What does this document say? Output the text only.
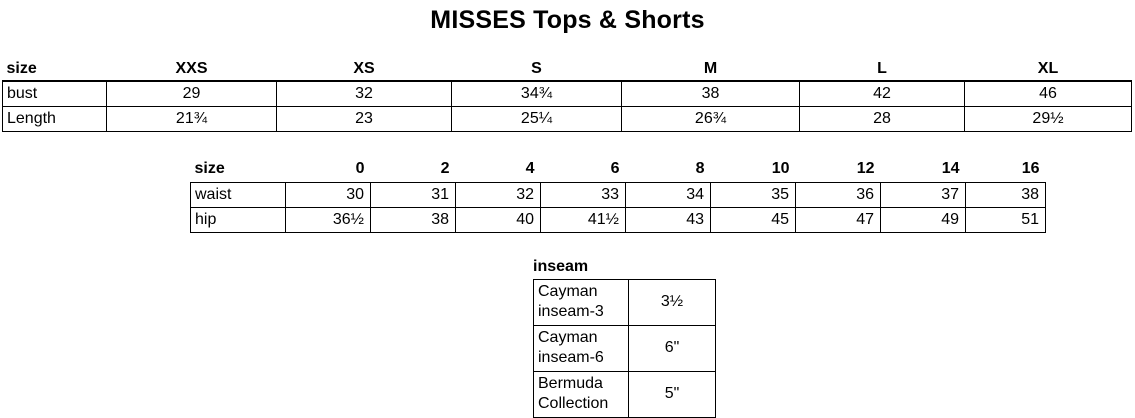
MISSES Tops & Shorts
size	XXS	XS	S	M	L	XL
bust	29	32	34¾	38	42	46
Length	21¾	23	25¼	26¾	28	29½
size	0	2	4	6	8	10	12	14	16
waist	30	31	32	33	34	35	36	37	38
hip	36½	38	40	41½	43	45	47	49	51
inseam
Cayman inseam-3	3½
Cayman inseam-6	6"
Bermuda Collection	5"
